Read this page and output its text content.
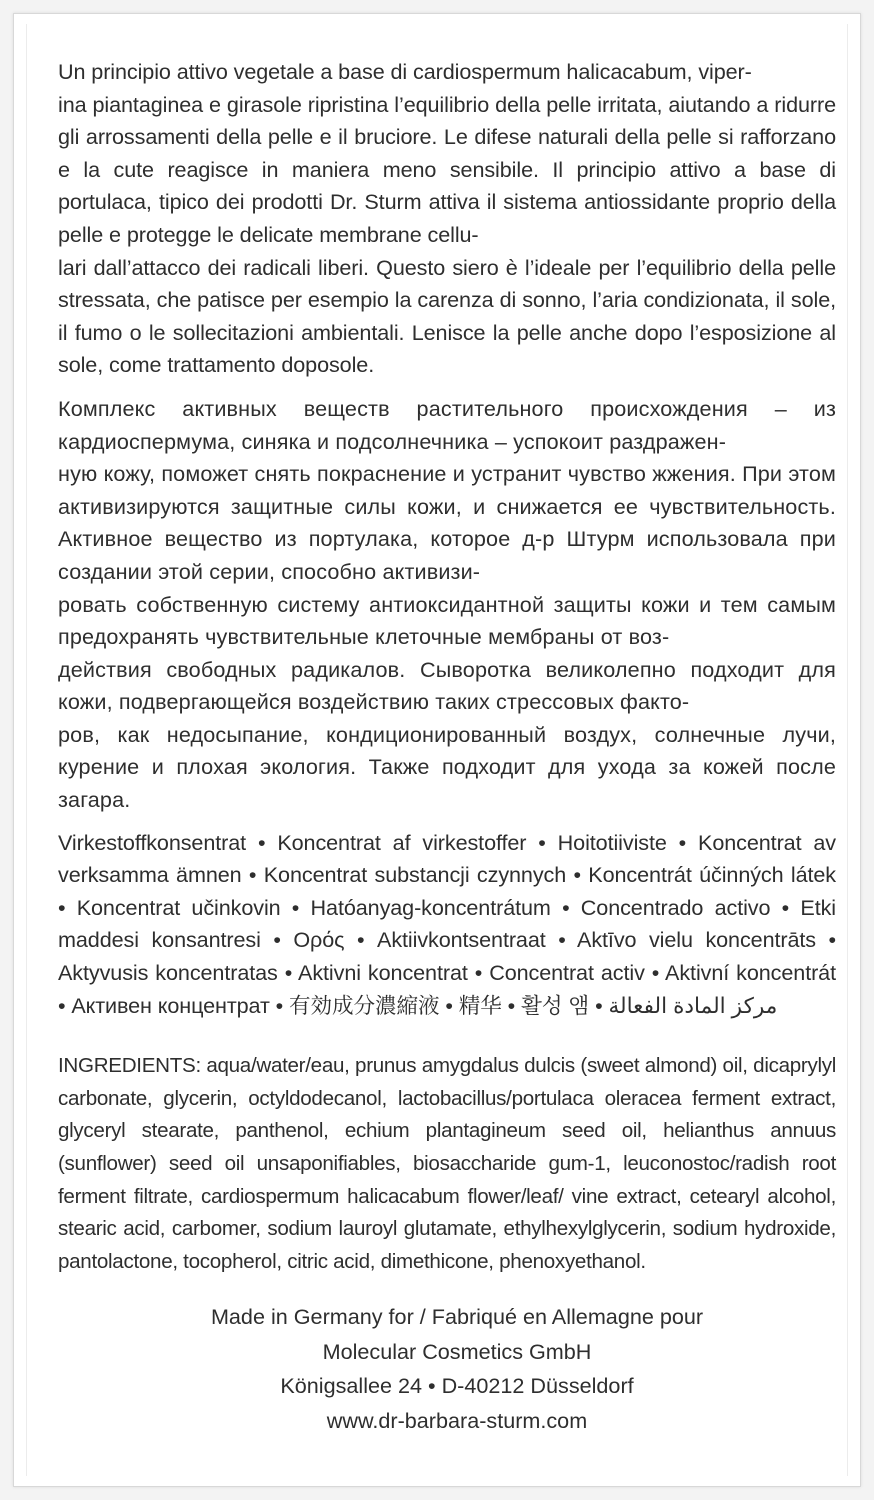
Un principio attivo vegetale a base di cardiospermum halicacabum, viper-
ina piantaginea e girasole ripristina l’equilibrio della pelle irritata, aiutando a ridurre gli arrossamenti della pelle e il bruciore. Le difese naturali della pelle si rafforzano e la cute reagisce in maniera meno sensibile. Il principio attivo a base di portulaca, tipico dei prodotti Dr. Sturm attiva il sistema antiossidante proprio della pelle e protegge le delicate membrane cellu-
lari dall’attacco dei radicali liberi. Questo siero è l’ideale per l’equilibrio della pelle stressata, che patisce per esempio la carenza di sonno, l’aria condizionata, il sole, il fumo o le sollecitazioni ambientali. Lenisce la pelle anche dopo l’esposizione al sole, come trattamento doposole.

Комплекс активных веществ растительного происхождения – из кардиоспермума, синяка и подсолнечника – успокоит раздражен-
ную кожу, поможет снять покраснение и устранит чувство жжения. При этом активизируются защитные силы кожи, и снижается ее чувствительность. Активное вещество из портулака, которое д-р Штурм использовала при создании этой серии, способно активизи-
ровать собственную систему антиоксидантной защиты кожи и тем самым предохранять чувствительные клеточные мембраны от воз-
действия свободных радикалов. Сыворотка великолепно подходит для кожи, подвергающейся воздействию таких стрессовых факто-
ров, как недосыпание, кондиционированный воздух, солнечные лучи, курение и плохая экология. Также подходит для ухода за кожей после загара.

Virkestoffkonsentrat • Koncentrat af virkestoffer • Hoitotiiviste • Koncentrat av verksamma ämnen • Koncentrat substancji czynnych • Koncentrát účinných látek • Koncentrat učinkovin • Hatóanyag-koncentrátum • Concentrado activo • Etki maddesi konsantresi • Ορός • Aktiivkontsentraat • Aktīvo vielu koncentrāts • Aktyvusis koncentratas • Aktivni koncentrat • Concentrat activ • Aktivní koncentrát • Активен концентрат • 有効成分濃縮液 • 精华 • 활성 앰 • مركز المادة الفعالة

INGREDIENTS: aqua/water/eau, prunus amygdalus dulcis (sweet almond) oil, dicaprylyl carbonate, glycerin, octyldodecanol, lactobacillus/portulaca oleracea ferment extract, glyceryl stearate, panthenol, echium plantagineum seed oil, helianthus annuus (sunflower) seed oil unsaponifiables, biosaccharide gum-1, leuconostoc/radish root ferment filtrate, cardiospermum halicacabum flower/leaf/ vine extract, cetearyl alcohol, stearic acid, carbomer, sodium lauroyl glutamate, ethylhexylglycerin, sodium hydroxide, pantolactone, tocopherol, citric acid, dimethicone, phenoxyethanol.

Made in Germany for / Fabriqué en Allemagne pour
Molecular Cosmetics GmbH
Königsallee 24 • D-40212 Düsseldorf
www.dr-barbara-sturm.com
